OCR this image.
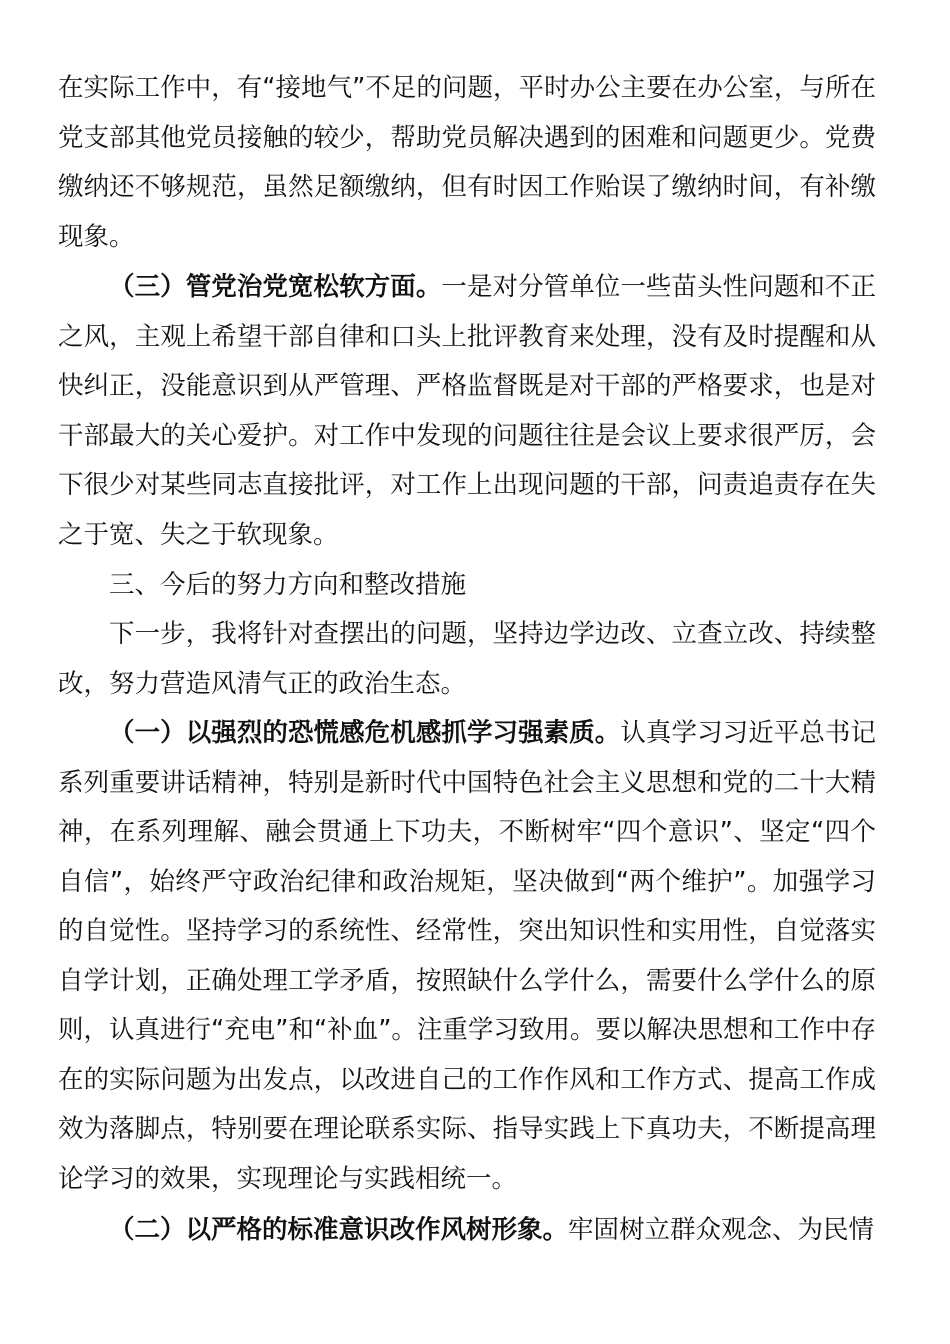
在实际工作中，有“接地气”不足的问题，平时办公主要在办公室，与所在党支部其他党员接触的较少，帮助党员解决遇到的困难和问题更少。党费缴纳还不够规范，虽然足额缴纳，但有时因工作贻误了缴纳时间，有补缴现象。

（三）管党治党宽松软方面。一是对分管单位一些苗头性问题和不正之风，主观上希望干部自律和口头上批评教育来处理，没有及时提醒和从快纠正，没能意识到从严管理、严格监督既是对干部的严格要求，也是对干部最大的关心爱护。对工作中发现的问题往往是会议上要求很严厉，会下很少对某些同志直接批评，对工作上出现问题的干部，问责追责存在失之于宽、失之于软现象。

三、今后的努力方向和整改措施

下一步，我将针对查摆出的问题，坚持边学边改、立查立改、持续整改，努力营造风清气正的政治生态。

（一）以强烈的恐慌感危机感抓学习强素质。认真学习习近平总书记系列重要讲话精神，特别是新时代中国特色社会主义思想和党的二十大精神，在系列理解、融会贯通上下功夫，不断树牢“四个意识”、坚定“四个自信”，始终严守政治纪律和政治规矩，坚决做到“两个维护”。加强学习的自觉性。坚持学习的系统性、经常性，突出知识性和实用性，自觉落实自学计划，正确处理工学矛盾，按照缺什么学什么，需要什么学什么的原则，认真进行“充电”和“补血”。注重学习致用。要以解决思想和工作中存在的实际问题为出发点，以改进自己的工作作风和工作方式、提高工作成效为落脚点，特别要在理论联系实际、指导实践上下真功夫，不断提高理论学习的效果，实现理论与实践相统一。

（二）以严格的标准意识改作风树形象。牢固树立群众观念、为民情
